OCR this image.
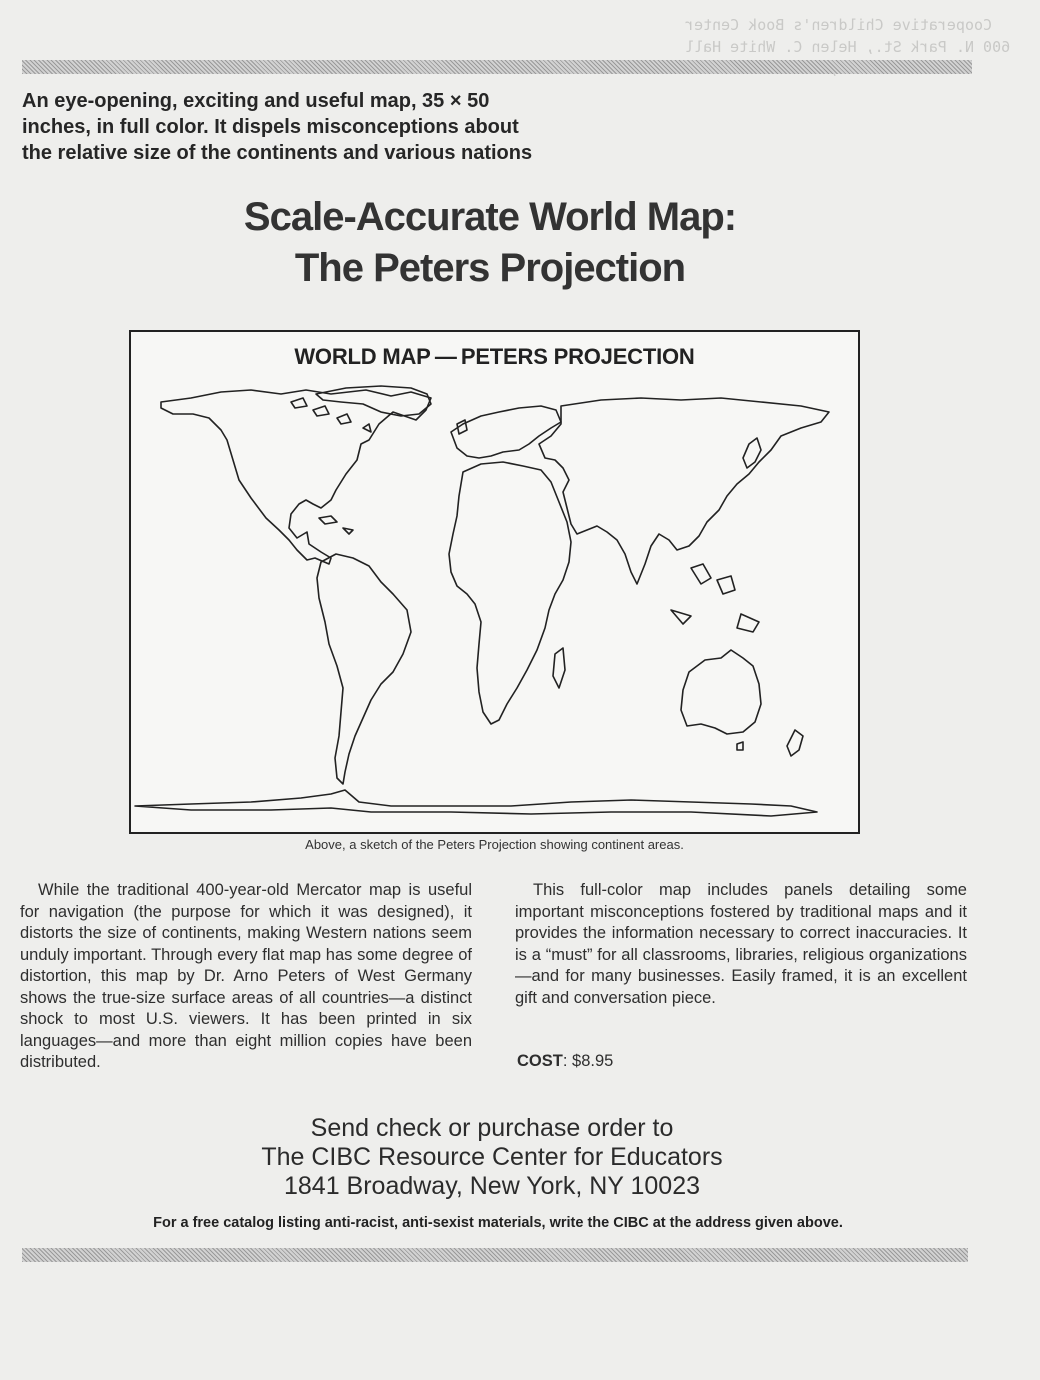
Cooperative Children's Book Center
600 N. Park St., Helen C. White Hall
An eye-opening, exciting and useful map, 35 × 50
inches, in full color. It dispels misconceptions about
the relative size of the continents and various nations
Scale-Accurate World Map:
The Peters Projection
WORLD MAP — PETERS PROJECTION
Above, a sketch of the Peters Projection showing continent areas.

While the traditional 400-year-old Mercator map is useful for navigation (the purpose for which it was designed), it distorts the size of continents, making Western nations seem unduly important. Through every flat map has some degree of distortion, this map by Dr. Arno Peters of West Germany shows the true-size surface areas of all countries—a distinct shock to most U.S. viewers. It has been printed in six languages—and more than eight million copies have been distributed.

This full-color map includes panels detailing some important misconceptions fostered by traditional maps and it provides the information necessary to correct inaccuracies. It is a “must” for all classrooms, libraries, religious organizations—and for many businesses. Easily framed, it is an excellent gift and conversation piece.

COST: $8.95
Send check or purchase order to
The CIBC Resource Center for Educators
1841 Broadway, New York, NY 10023
For a free catalog listing anti-racist, anti-sexist materials, write the CIBC at the address given above.
